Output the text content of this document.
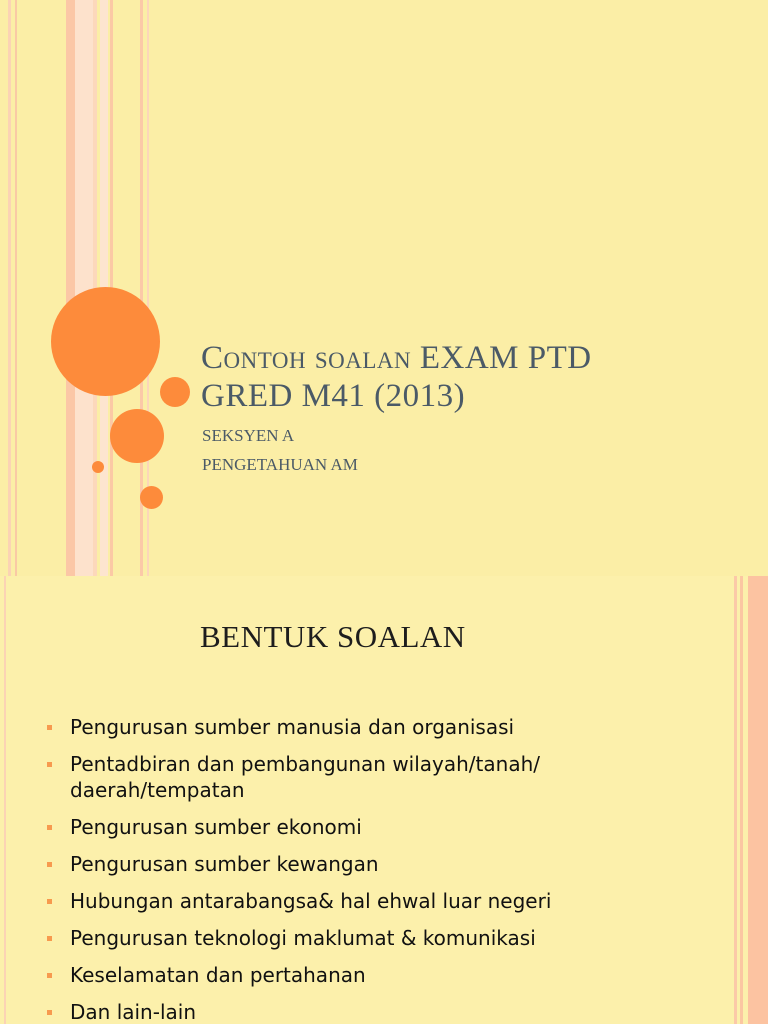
Contoh soalan EXAM PTD
GRED M41 (2013)
SEKSYEN A
PENGETAHUAN AM
BENTUK SOALAN
Pengurusan sumber manusia dan organisasi
Pentadbiran dan pembangunan wilayah/tanah/ daerah/tempatan
Pengurusan sumber ekonomi
Pengurusan sumber kewangan
Hubungan antarabangsa& hal ehwal luar negeri
Pengurusan teknologi maklumat & komunikasi
Keselamatan dan pertahanan
Dan lain-lain
